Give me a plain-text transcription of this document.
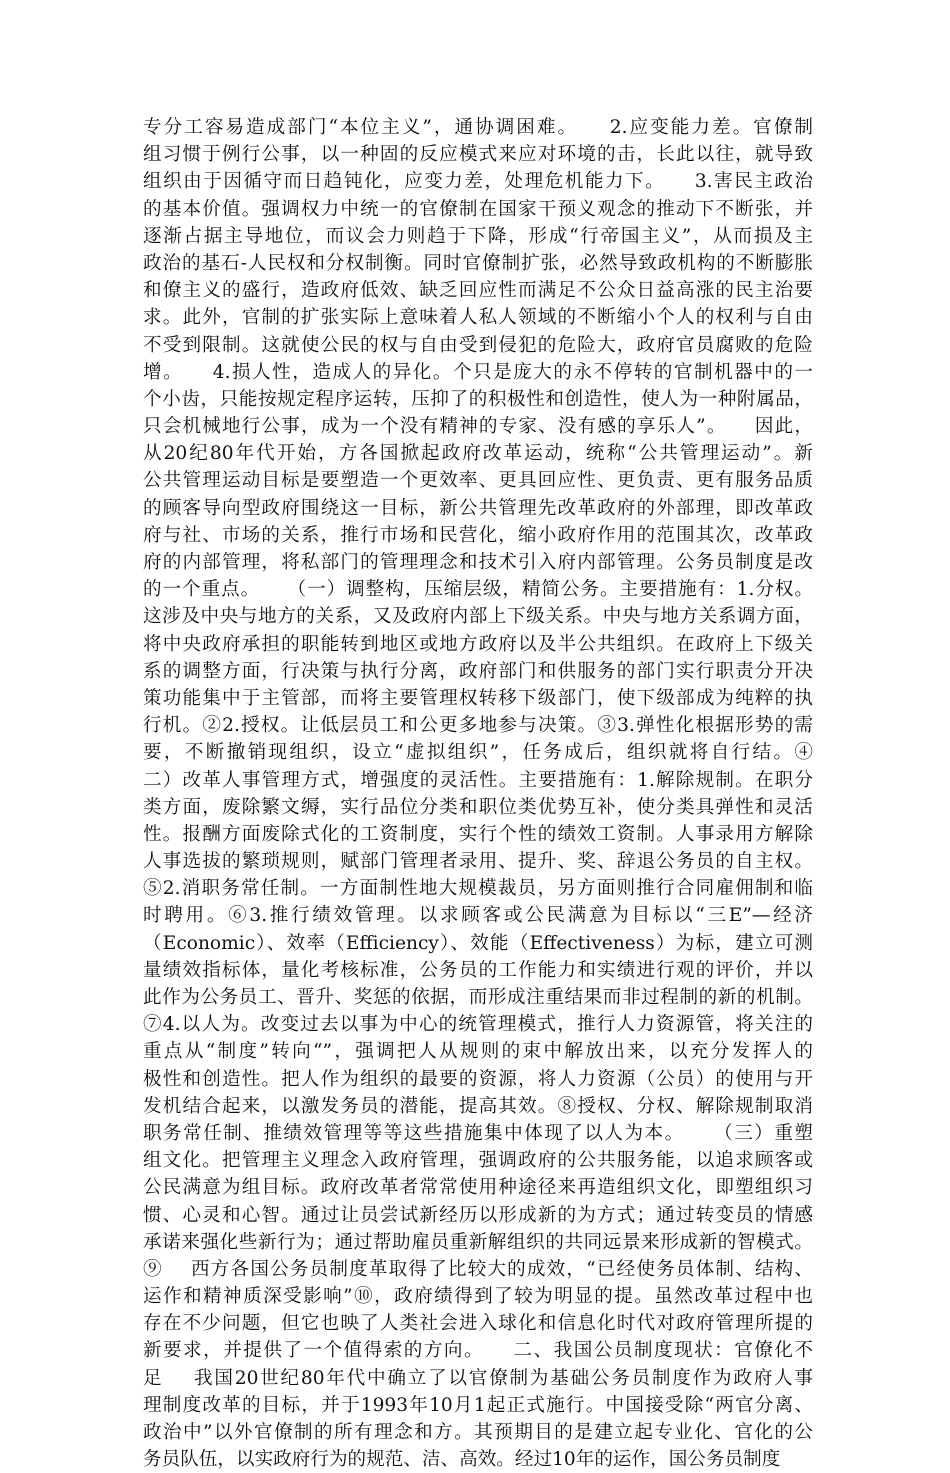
专分工容易造成部门“本位主义”，通协调困难。    2.应变能力差。官僚制
组习惯于例行公事，以一种固的反应模式来应对环境的击，长此以往，就导致
组织由于因循守而日趋钝化，应变力差，处理危机能力下。    3.害民主政治
的基本价值。强调权力中统一的官僚制在国家干预义观念的推动下不断张，并
逐渐占据主导地位，而议会力则趋于下降，形成“行帝国主义”，从而损及主
政治的基石-人民权和分权制衡。同时官僚制扩张，必然导致政机构的不断膨胀
和僚主义的盛行，造政府低效、缺乏回应性而满足不公众日益高涨的民主治要
求。此外，官制的扩张实际上意味着人私人领域的不断缩小个人的权利与自由
不受到限制。这就使公民的权与自由受到侵犯的危险大，政府官员腐败的危险
增。    4.损人性，造成人的异化。个只是庞大的永不停转的官制机器中的一
个小齿，只能按规定程序运转，压抑了的积极性和创造性，使人为一种附属品，
只会机械地行公事，成为一个没有精神的专家、没有感的享乐人”。    因此，
从20纪80年代开始，方各国掀起政府改革运动，统称“公共管理运动”。新
公共管理运动目标是要塑造一个更效率、更具回应性、更负责、更有服务品质
的顾客导向型政府围绕这一目标，新公共管理先改革政府的外部理，即改革政
府与社、市场的关系，推行市场和民营化，缩小政府作用的范围其次，改革政
府的内部管理，将私部门的管理理念和技术引入府内部管理。公务员制度是改
的一个重点。    （一）调整构，压缩层级，精简公务。主要措施有：1.分权。
这涉及中央与地方的关系，又及政府内部上下级关系。中央与地方关系调方面，
将中央政府承担的职能转到地区或地方政府以及半公共组织。在政府上下级关
系的调整方面，行决策与执行分离，政府部门和供服务的部门实行职责分开决
策功能集中于主管部，而将主要管理权转移下级部门，使下级部成为纯粹的执
行机。②2.授权。让低层员工和公更多地参与决策。③3.弹性化根据形势的需
要，不断撤销现组织，设立“虚拟组织”，任务成后，组织就将自行结。④
二）改革人事管理方式，增强度的灵活性。主要措施有：1.解除规制。在职分
类方面，废除繁文缛，实行品位分类和职位类优势互补，使分类具弹性和灵活
性。报酬方面废除式化的工资制度，实行个性的绩效工资制。人事录用方解除
人事选拔的繁琐规则，赋部门管理者录用、提升、奖、辞退公务员的自主权。
⑤2.消职务常任制。一方面制性地大规模裁员，另方面则推行合同雇佣制和临
时聘用。⑥3.推行绩效管理。以求顾客或公民满意为目标以“三E”—经济
（Economic）、效率（Efficiency）、效能（Effectiveness）为标，建立可测
量绩效指标体，量化考核标准，公务员的工作能力和实绩进行观的评价，并以
此作为公务员工、晋升、奖惩的依据，而形成注重结果而非过程制的新的机制。
⑦4.以人为。改变过去以事为中心的统管理模式，推行人力资源管，将关注的
重点从“制度”转向“”，强调把人从规则的束中解放出来，以充分发挥人的
极性和创造性。把人作为组织的最要的资源，将人力资源（公员）的使用与开
发机结合起来，以激发务员的潜能，提高其效。⑧授权、分权、解除规制取消
职务常任制、推绩效管理等等这些措施集中体现了以人为本。    （三）重塑
组文化。把管理主义理念入政府管理，强调政府的公共服务能，以追求顾客或
公民满意为组目标。政府改革者常常使用种途径来再造组织文化，即塑组织习
惯、心灵和心智。通过让员尝试新经历以形成新的为方式；通过转变员的情感
承诺来强化些新行为；通过帮助雇员重新解组织的共同远景来形成新的智模式。
⑨    西方各国公务员制度革取得了比较大的成效，“已经使务员体制、结构、
运作和精神质深受影响”⑩，政府绩得到了较为明显的提。虽然改革过程中也
存在不少问题，但它也映了人类社会进入球化和信息化时代对政府管理所提的
新要求，并提供了一个值得索的方向。    二、我国公员制度现状：官僚化不
足    我国20世纪80年代中确立了以官僚制为基础公务员制度作为政府人事
理制度改革的目标，并于1993年10月1起正式施行。中国接受除“两官分离、
政治中”以外官僚制的所有理念和方。其预期目的是建立起专业化、官化的公
务员队伍，以实政府行为的规范、洁、高效。经过10年的运作，国公务员制度
